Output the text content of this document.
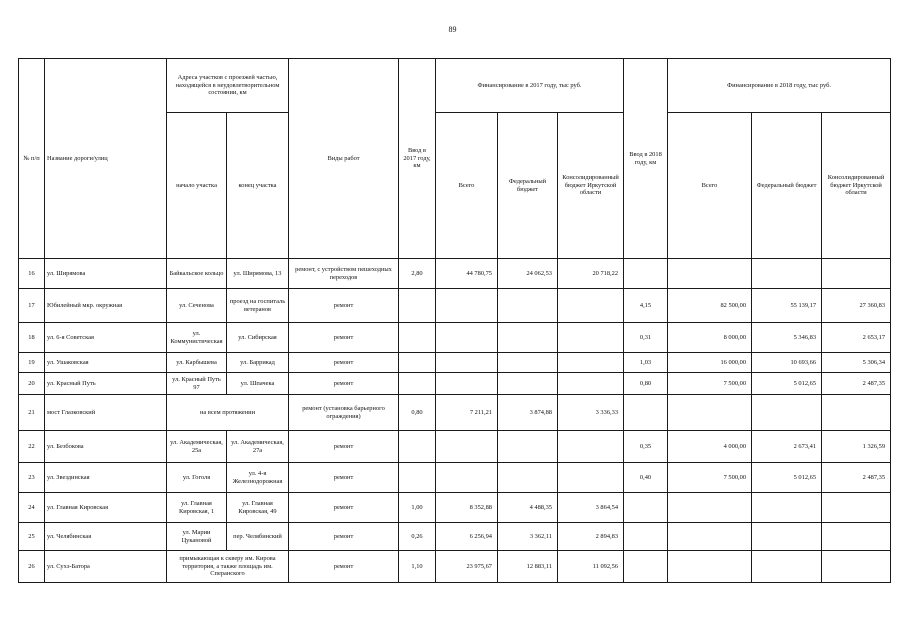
89
№ п/п	Название дороги/улиц	Адреса участков с проезжей частью, находящейся в неудовлетворительном состоянии, км		Виды работ	Ввод в 2017 году, км	Финансирование в 2017 году, тыс руб.			Ввод в 2018 году, км	Финансирование в 2018 году, тыс руб.		
		начало участка	конец участка			Всего	Федеральный бюджет	Консолидированный бюджет Иркутской области		Всего	Федеральный бюджет	Консолидированный бюджет Иркутской области
16	ул. Ширямова	Байкальское кольцо	ул. Ширямова, 13	ремонт, с устройством пешеходных переходов	2,80	44 780,75	24 062,53	20 718,22				
17	Юбилейный мкр. окружная	ул. Сеченова	проезд на госпиталь ветеранов	ремонт					4,15	82 500,00	55 139,17	27 360,83
18	ул. 6-я Советская	ул. Коммунистическая	ул. Сибирская	ремонт					0,31	8 000,00	5 346,83	2 653,17
19	ул. Ушаковская	ул. Карбышева	ул. Баррикад	ремонт					1,03	16 000,00	10 693,66	5 306,34
20	ул. Красный Путь	ул. Красный Путь 97	ул. Шпачека	ремонт					0,80	7 500,00	5 012,65	2 487,35
21	мост Глазковский	на всем протяжении		ремонт (установка барьерного ограждения)	0,80	7 211,21	3 874,88	3 336,33				
22	ул. Безбокова	ул. Академическая, 25а	ул. Академическая, 27а	ремонт					0,35	4 000,00	2 673,41	1 326,59
23	ул. Звездинская	ул. Гоголя	ул. 4-я Железнодорожная	ремонт					0,40	7 500,00	5 012,65	2 487,35
24	ул. Главная Кировская	ул. Главная Кировская, 1	ул. Главная Кировская, 49	ремонт	1,00	8 352,88	4 488,35	3 864,54				
25	ул. Челябинская	ул. Марии Цукановой	пер. Челябинский	ремонт	0,26	6 256,94	3 362,11	2 894,83				
26	ул. Сухэ-Батора	примыкающая к скверу им. Кирова территория, а также площадь им. Сперанского		ремонт	1,10	23 975,67	12 883,11	11 092,56				
